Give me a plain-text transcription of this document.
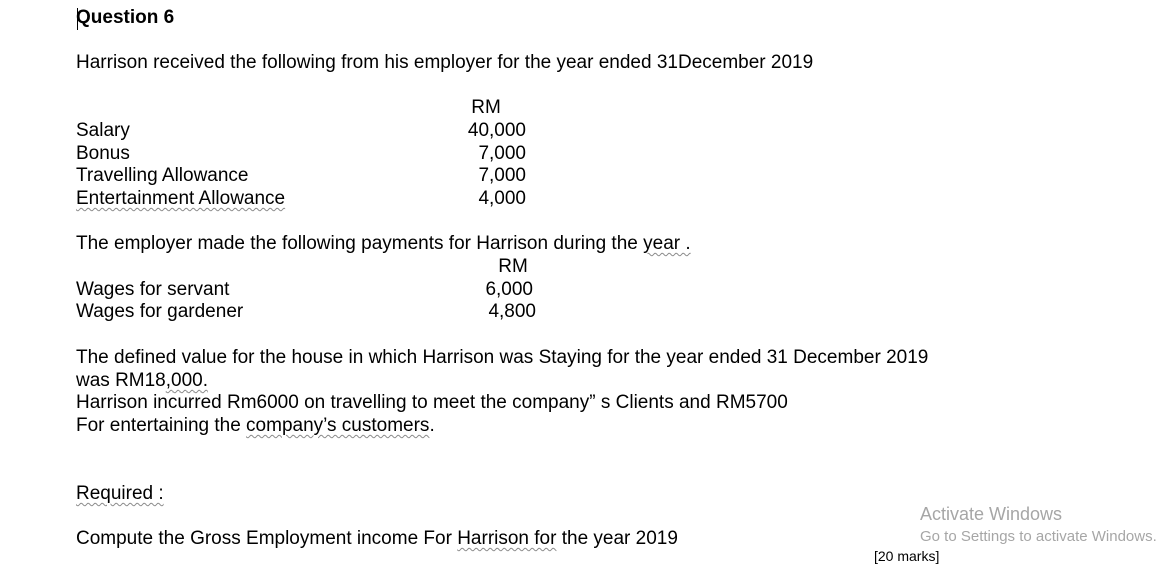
Question 6
Harrison received the following from his employer for the year ended 31December 2019
RM
Salary	40,000
Bonus	7,000
Travelling Allowance	7,000
Entertainment Allowance	4,000
The employer made the following payments for Harrison during the year .
RM
Wages for servant	6,000
Wages for gardener	4,800
The defined value for the house in which Harrison was Staying for the year ended 31 December 2019
was RM18,000.
Harrison incurred Rm6000 on travelling to meet the company” s Clients and RM5700
For entertaining the company’s customers.
Required :
Compute the Gross Employment income For Harrison for the year 2019
[20 marks]
Activate Windows
Go to Settings to activate Windows.
